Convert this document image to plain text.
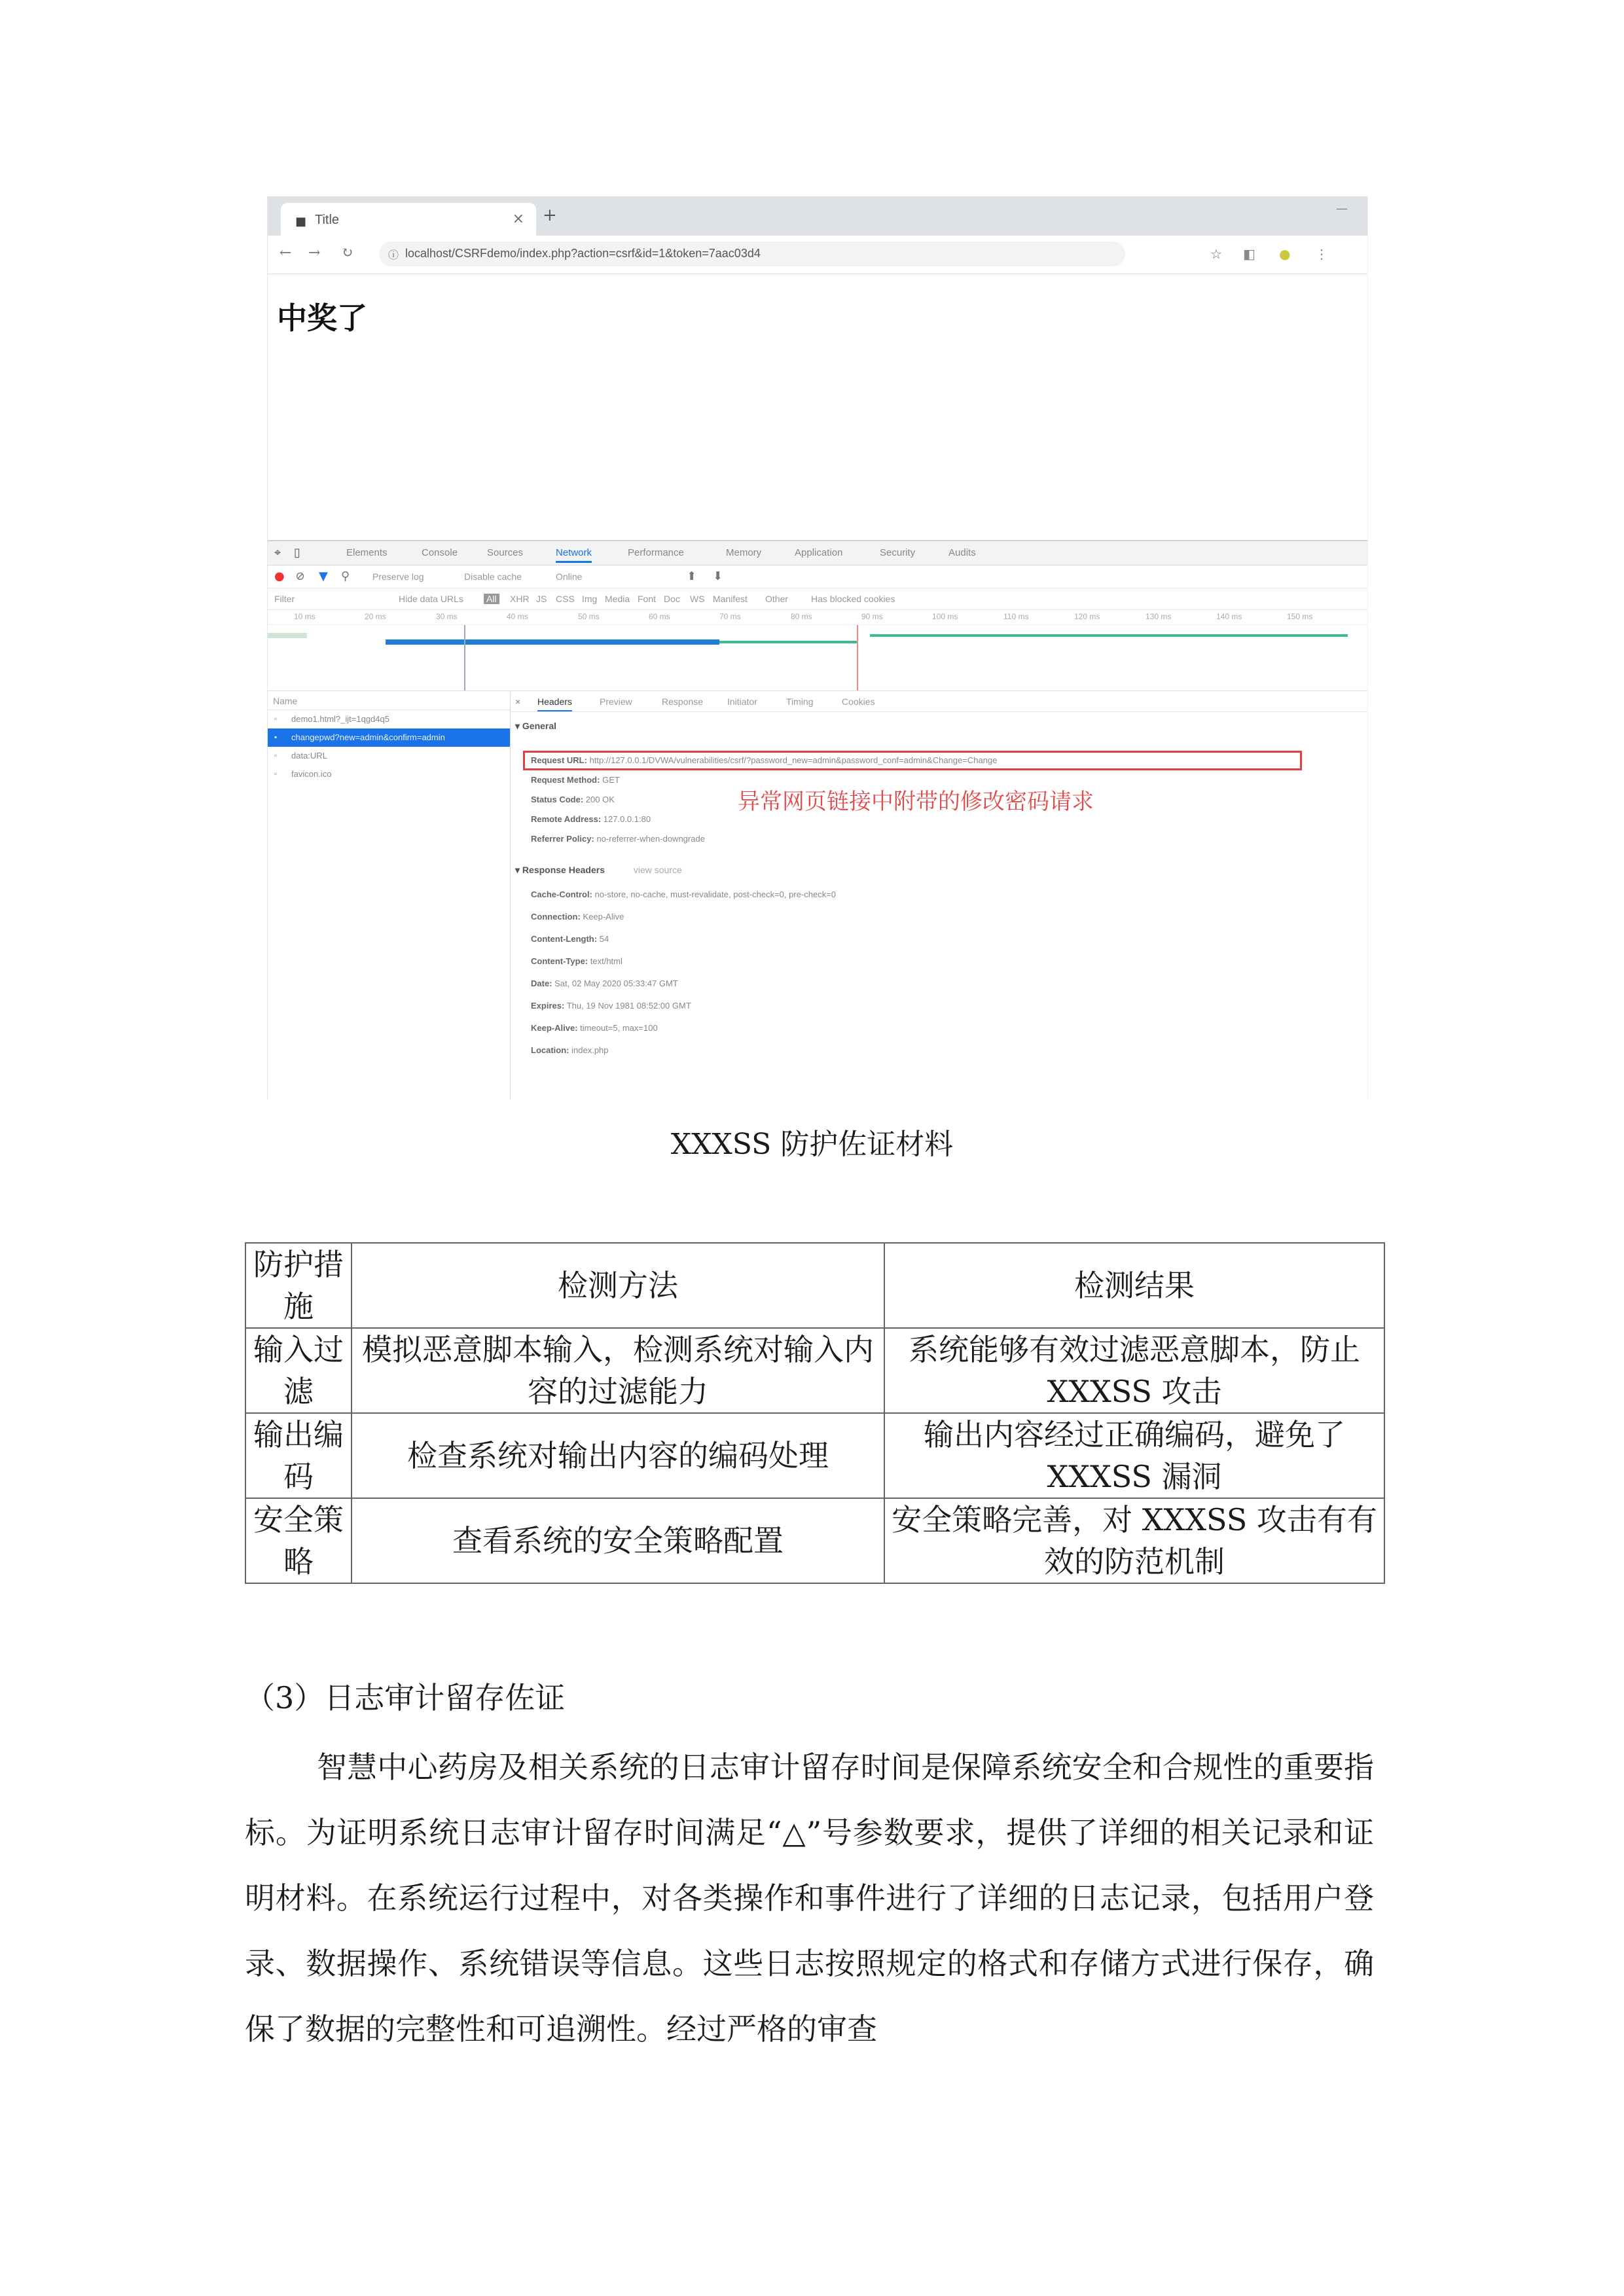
■ Title	× +	—
← → ↻	ⓘ localhost/CSRFdemo/index.php?action=csrf&id=1&token=7aac03d4	☆ ◧ ● ⋮
中奖了
⌖ ▯	Elements	Console	Sources	Network	Performance	Memory	Application	Security	Audits
● ⊘ ▼ ⚲ Preserve log	Disable cache	Online	⬆ ⬇
Filter	Hide data URLs	All XHR JS CSS Img Media Font Doc WS Manifest Other Has blocked cookies
10 ms	20 ms	30 ms	40 ms	50 ms	60 ms	70 ms	80 ms	90 ms	100 ms	110 ms	120 ms	130 ms	140 ms	150 ms
Name
▫ demo1.html?_ijt=1qgd4q5
▪ changepwd?new=admin&confirm=admin
▫ data:URL
▫ favicon.ico
× Headers	Preview	Response	Initiator	Timing	Cookies
▾ General
Request URL: http://127.0.0.1/DVWA/vulnerabilities/csrf/?password_new=admin&password_conf=admin&Change=Change
Request Method: GET
Status Code: 200 OK
Remote Address: 127.0.0.1:80
Referrer Policy: no-referrer-when-downgrade
异常网页链接中附带的修改密码请求
▾ Response Headers	view source
Cache-Control: no-store, no-cache, must-revalidate, post-check=0, pre-check=0
Connection: Keep-Alive
Content-Length: 54
Content-Type: text/html
Date: Sat, 02 May 2020 05:33:47 GMT
Expires: Thu, 19 Nov 1981 08:52:00 GMT
Keep-Alive: timeout=5, max=100
Location: index.php
XXXSS 防护佐证材料
防护措施	检测方法	检测结果
输入过滤	模拟恶意脚本输入，检测系统对输入内容的过滤能力	系统能够有效过滤恶意脚本，防止 XXXSS 攻击
输出编码	检查系统对输出内容的编码处理	输出内容经过正确编码，避免了 XXXSS 漏洞
安全策略	查看系统的安全策略配置	安全策略完善，对 XXXSS 攻击有有效的防范机制
（3）日志审计留存佐证
智慧中心药房及相关系统的日志审计留存时间是保障系统安全和合规性的重要指标。为证明系统日志审计留存时间满足“△”号参数要求，提供了详细的相关记录和证明材料。在系统运行过程中，对各类操作和事件进行了详细的日志记录，包括用户登录、数据操作、系统错误等信息。这些日志按照规定的格式和存储方式进行保存，确保了数据的完整性和可追溯性。经过严格的审查
